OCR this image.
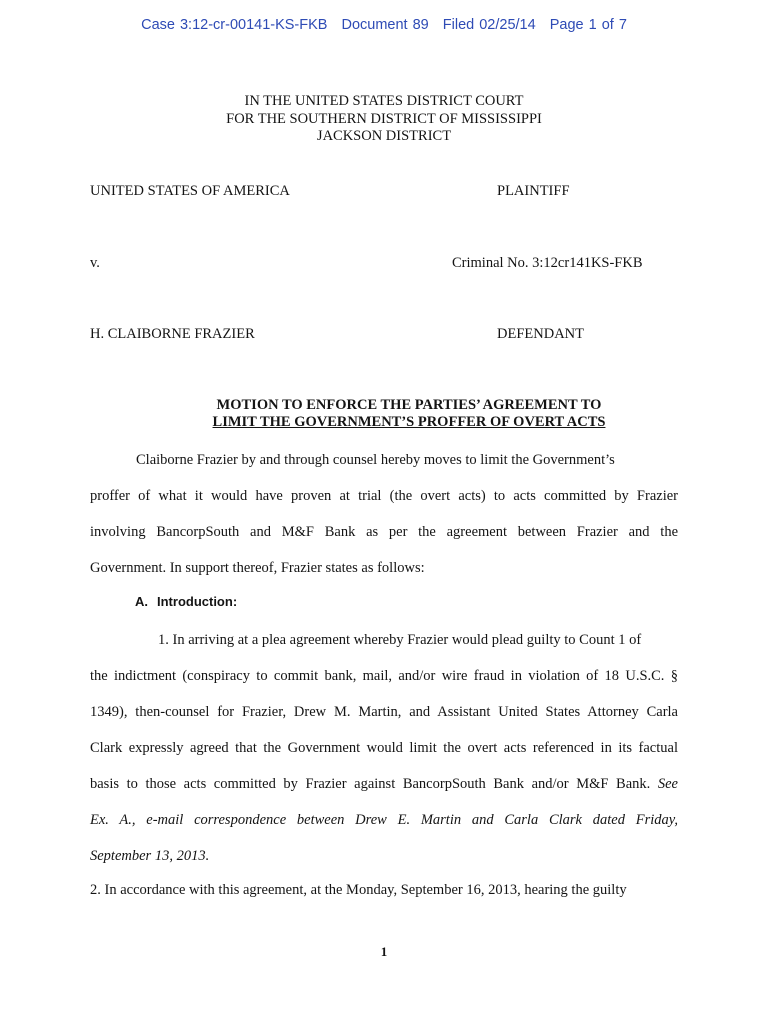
Case 3:12-cr-00141-KS-FKB Document 89 Filed 02/25/14 Page 1 of 7
IN THE UNITED STATES DISTRICT COURT
FOR THE SOUTHERN DISTRICT OF MISSISSIPPI
JACKSON DISTRICT
UNITED STATES OF AMERICA	PLAINTIFF
v.	Criminal No. 3:12cr141KS-FKB
H. CLAIBORNE FRAZIER	DEFENDANT
MOTION TO ENFORCE THE PARTIES’ AGREEMENT TO
LIMIT THE GOVERNMENT’S PROFFER OF OVERT ACTS
Claiborne Frazier by and through counsel hereby moves to limit the Government’s
proffer of what it would have proven at trial (the overt acts) to acts committed by Frazier
involving BancorpSouth and M&F Bank as per the agreement between Frazier and the
Government. In support thereof, Frazier states as follows:
A. Introduction:
1. In arriving at a plea agreement whereby Frazier would plead guilty to Count 1 of
the indictment (conspiracy to commit bank, mail, and/or wire fraud in violation of 18 U.S.C. §
1349), then-counsel for Frazier, Drew M. Martin, and Assistant United States Attorney Carla
Clark expressly agreed that the Government would limit the overt acts referenced in its factual
basis to those acts committed by Frazier against BancorpSouth Bank and/or M&F Bank. See
Ex. A., e-mail correspondence between Drew E. Martin and Carla Clark dated Friday,
September 13, 2013.
2. In accordance with this agreement, at the Monday, September 16, 2013, hearing the guilty
1
